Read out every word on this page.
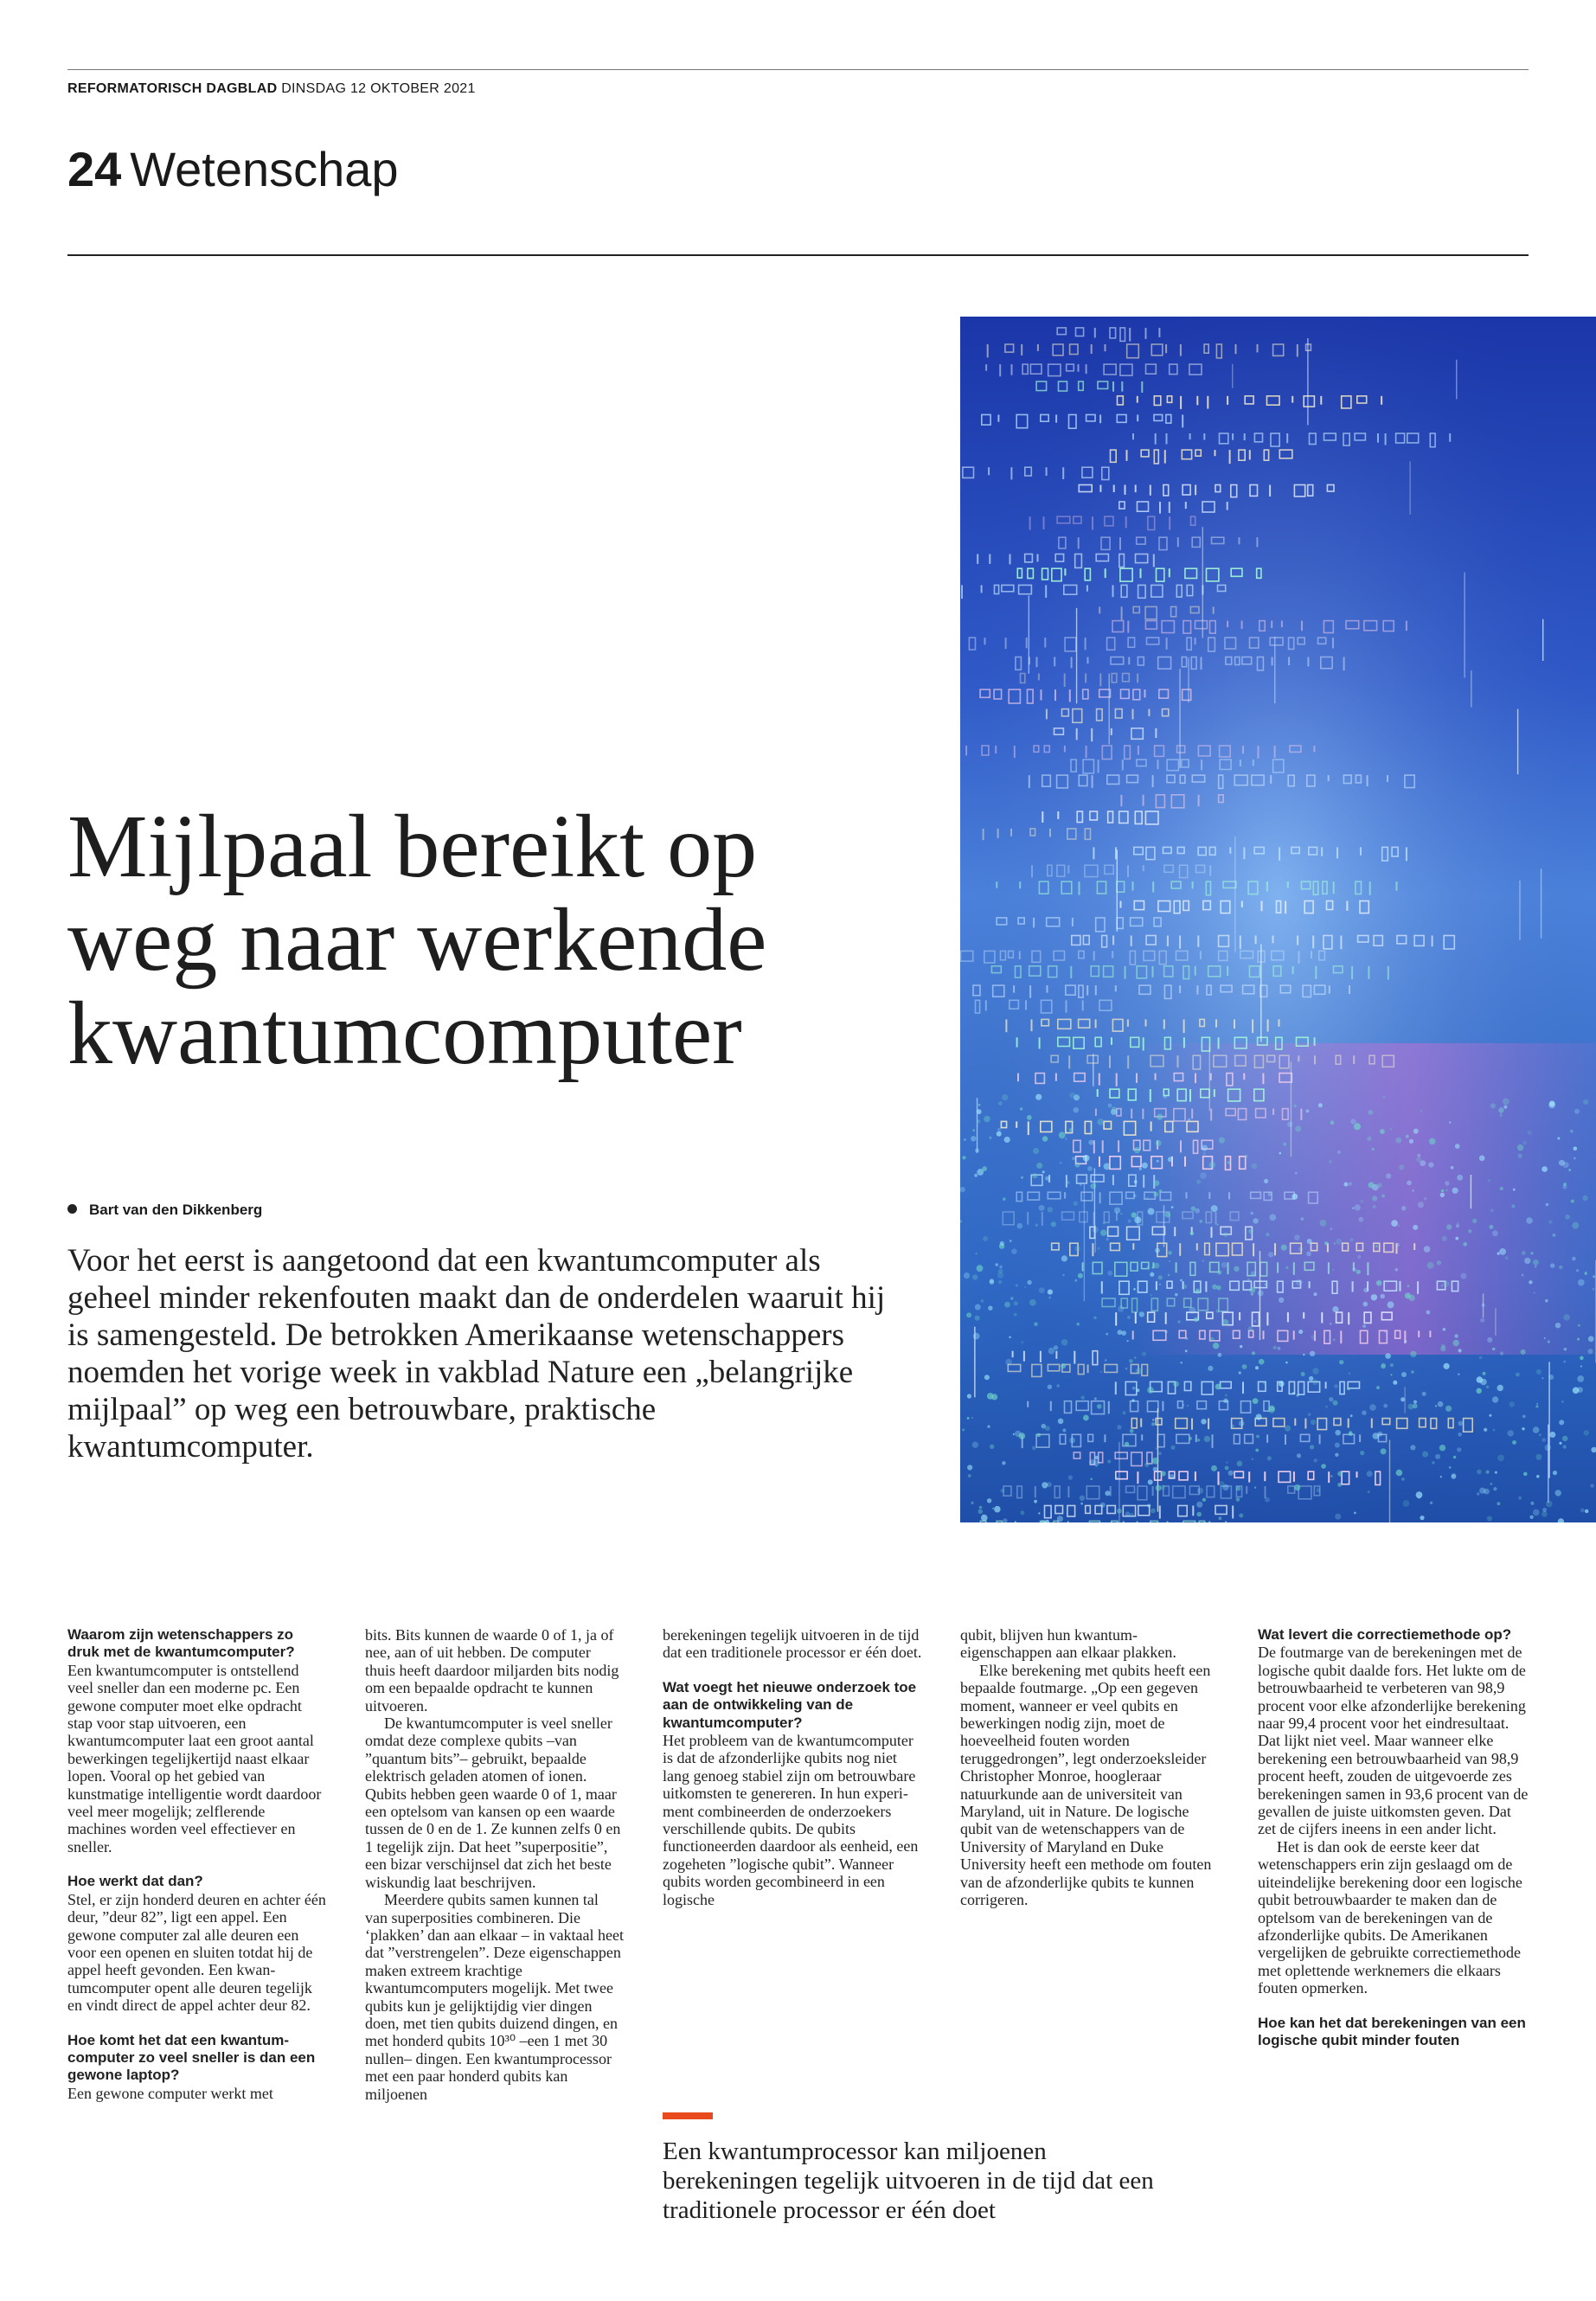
REFORMATORISCH DAGBLAD DINSDAG 12 OKTOBER 2021
24 Wetenschap
Mijlpaal bereikt op weg naar werkende kwantumcomputer
Bart van den Dikkenberg

Voor het eerst is aangetoond dat een kwantumcomputer als geheel minder rekenfouten maakt dan de onderdelen waaruit hij is samengesteld. De betrokken Amerikaanse wetenschappers noemden het vorige week in vakblad Nature een „belangrijke mijlpaal” op weg een betrouwbare, praktische kwantumcomputer.

Waarom zijn wetenschappers zo druk met de kwantumcomputer?

Een kwantumcomputer is ontstellend veel sneller dan een moderne pc. Een gewone computer moet elke opdracht stap voor stap uitvoeren, een kwantumcomputer laat een groot aantal bewerkingen tegelijkertijd naast elkaar lopen. Vooral op het gebied van kunstmatige intelligentie wordt daardoor veel meer mogelijk; zelflerende machines worden veel effectiever en sneller.

Hoe werkt dat dan?

Stel, er zijn honderd deuren en achter één deur, ”deur 82”, ligt een appel. Een gewone computer zal alle deuren een voor een openen en sluiten totdat hij de appel heeft gevonden. Een kwantumcomputer opent alle deuren tegelijk en vindt direct de appel achter deur 82.

Hoe komt het dat een kwantumcomputer zo veel sneller is dan een gewone laptop?

Een gewone computer werkt met

bits. Bits kunnen de waarde 0 of 1, ja of nee, aan of uit hebben. De computer thuis heeft daardoor miljarden bits nodig om een bepaalde opdracht te kunnen uitvoeren.

De kwantumcomputer is veel sneller omdat deze complexe qubits –van ”quantum bits”– gebruikt, bepaalde elektrisch geladen atomen of ionen. Qubits hebben geen waarde 0 of 1, maar een optelsom van kansen op een waarde tussen de 0 en de 1. Ze kunnen zelfs 0 en 1 tegelijk zijn. Dat heet ”superpositie”, een bizar verschijnsel dat zich het beste wiskundig laat beschrijven.

Meerdere qubits samen kunnen tal van superposities combineren. Die ‘plakken’ dan aan elkaar – in vaktaal heet dat ”verstrengelen”. Deze eigenschappen maken extreem krachtige kwantumcomputers mogelijk. Met twee qubits kun je gelijktijdig vier dingen doen, met tien qubits duizend dingen, en met honderd qubits 10³⁰ –een 1 met 30 nullen– dingen. Een kwantumprocessor met een paar honderd qubits kan miljoenen

berekeningen tegelijk uitvoeren in de tijd dat een traditionele processor er één doet.

Wat voegt het nieuwe onderzoek toe aan de ontwikkeling van de kwantumcomputer?

Het probleem van de kwantumcomputer is dat de afzonderlijke qubits nog niet lang genoeg stabiel zijn om betrouwbare uitkomsten te genereren. In hun experiment combineerden de onderzoekers verschillende qubits. De qubits functioneerden daardoor als eenheid, een zogeheten ”logische qubit”. Wanneer qubits worden gecombineerd in een logische

qubit, blijven hun kwantumeigenschappen aan elkaar plakken.

Elke berekening met qubits heeft een bepaalde foutmarge. „Op een gegeven moment, wanneer er veel qubits en bewerkingen nodig zijn, moet de hoeveelheid fouten worden teruggedrongen”, legt onderzoeksleider Christopher Monroe, hoogleraar natuurkunde aan de universiteit van Maryland, uit in Nature. De logische qubit van de wetenschappers van de University of Maryland en Duke University heeft een methode om fouten van de afzonderlijke qubits te kunnen corrigeren.

Wat levert die correctiemethode op?

De foutmarge van de berekeningen met de logische qubit daalde fors. Het lukte om de betrouwbaarheid te verbeteren van 98,9 procent voor elke afzonderlijke berekening naar 99,4 procent voor het eindresultaat. Dat lijkt niet veel. Maar wanneer elke berekening een betrouwbaarheid van 98,9 procent heeft, zouden de uitgevoerde zes berekeningen samen in 93,6 procent van de gevallen de juiste uitkomsten geven. Dat zet de cijfers ineens in een ander licht.

Het is dan ook de eerste keer dat wetenschappers erin zijn geslaagd om de uiteindelijke berekening door een logische qubit betrouwbaarder te maken dan de optelsom van de berekeningen van de afzonderlijke qubits. De Amerikanen vergelijken de gebruikte correctiemethode met oplettende werknemers die elkaars fouten opmerken.

Hoe kan het dat berekeningen van een logische qubit minder fouten

Een kwantumprocessor kan miljoenen berekeningen tegelijk uitvoeren in de tijd dat een traditionele processor er één doet
